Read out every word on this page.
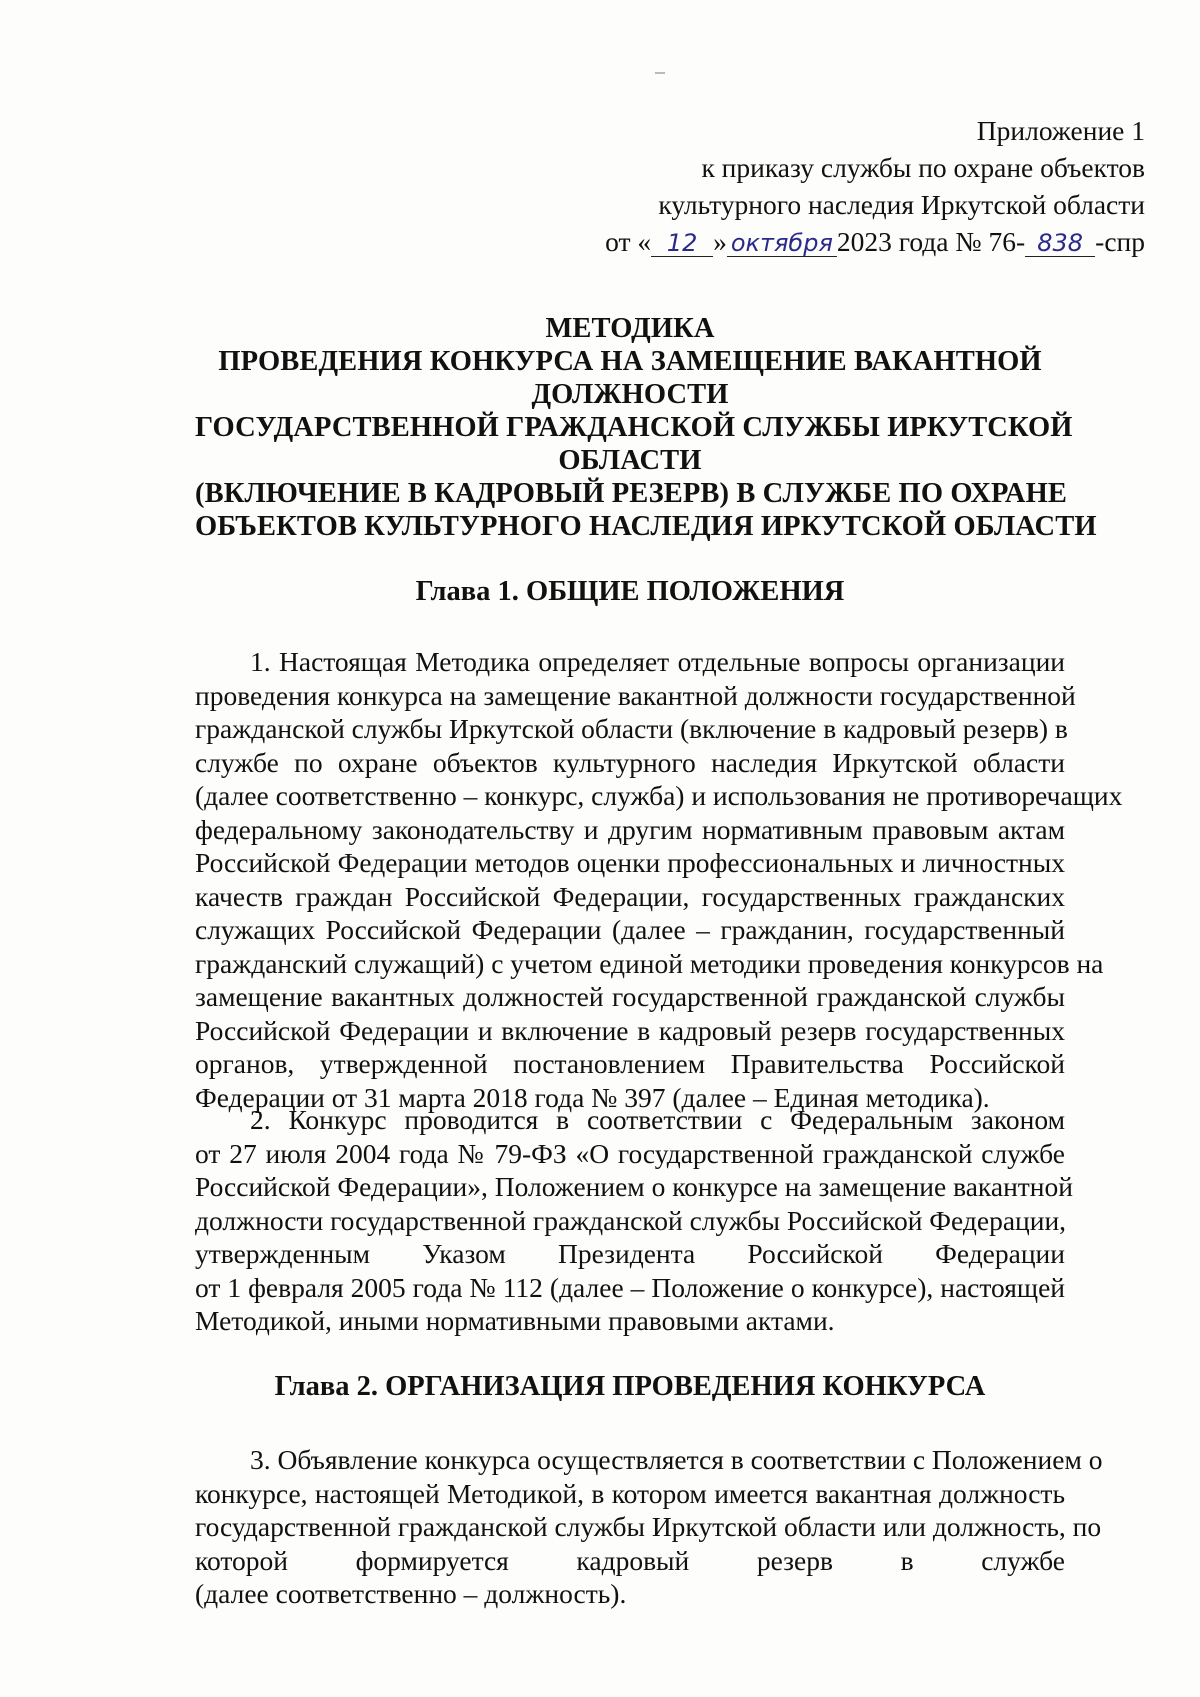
Приложение 1
к приказу службы по охране объектов
культурного наследия Иркутской области
от « 12 » октября 2023 года № 76- 838 -спр
МЕТОДИКА
ПРОВЕДЕНИЯ КОНКУРСА НА ЗАМЕЩЕНИЕ ВАКАНТНОЙ
ДОЛЖНОСТИ
ГОСУДАРСТВЕННОЙ ГРАЖДАНСКОЙ СЛУЖБЫ ИРКУТСКОЙ
ОБЛАСТИ
(ВКЛЮЧЕНИЕ В КАДРОВЫЙ РЕЗЕРВ) В СЛУЖБЕ ПО ОХРАНЕ
ОБЪЕКТОВ КУЛЬТУРНОГО НАСЛЕДИЯ ИРКУТСКОЙ ОБЛАСТИ
Глава 1. ОБЩИЕ ПОЛОЖЕНИЯ
1. Настоящая Методика определяет отдельные вопросы организации
проведения конкурса на замещение вакантной должности государственной
гражданской службы Иркутской области (включение в кадровый резерв) в
службе по охране объектов культурного наследия Иркутской области
(далее соответственно – конкурс, служба) и использования не противоречащих
федеральному законодательству и другим нормативным правовым актам
Российской Федерации методов оценки профессиональных и личностных
качеств граждан Российской Федерации, государственных гражданских
служащих Российской Федерации (далее – гражданин, государственный
гражданский служащий) с учетом единой методики проведения конкурсов на
замещение вакантных должностей государственной гражданской службы
Российской Федерации и включение в кадровый резерв государственных
органов, утвержденной постановлением Правительства Российской
Федерации от 31 марта 2018 года № 397 (далее – Единая методика).
2. Конкурс проводится в соответствии с Федеральным законом
от 27 июля 2004 года № 79-ФЗ «О государственной гражданской службе
Российской Федерации», Положением о конкурсе на замещение вакантной
должности государственной гражданской службы Российской Федерации,
утвержденным Указом Президента Российской Федерации
от 1 февраля 2005 года № 112 (далее – Положение о конкурсе), настоящей
Методикой, иными нормативными правовыми актами.
Глава 2. ОРГАНИЗАЦИЯ ПРОВЕДЕНИЯ КОНКУРСА
3. Объявление конкурса осуществляется в соответствии с Положением о
конкурсе, настоящей Методикой, в котором имеется вакантная должность
государственной гражданской службы Иркутской области или должность, по
которой формируется кадровый резерв в службе
(далее соответственно – должность).
